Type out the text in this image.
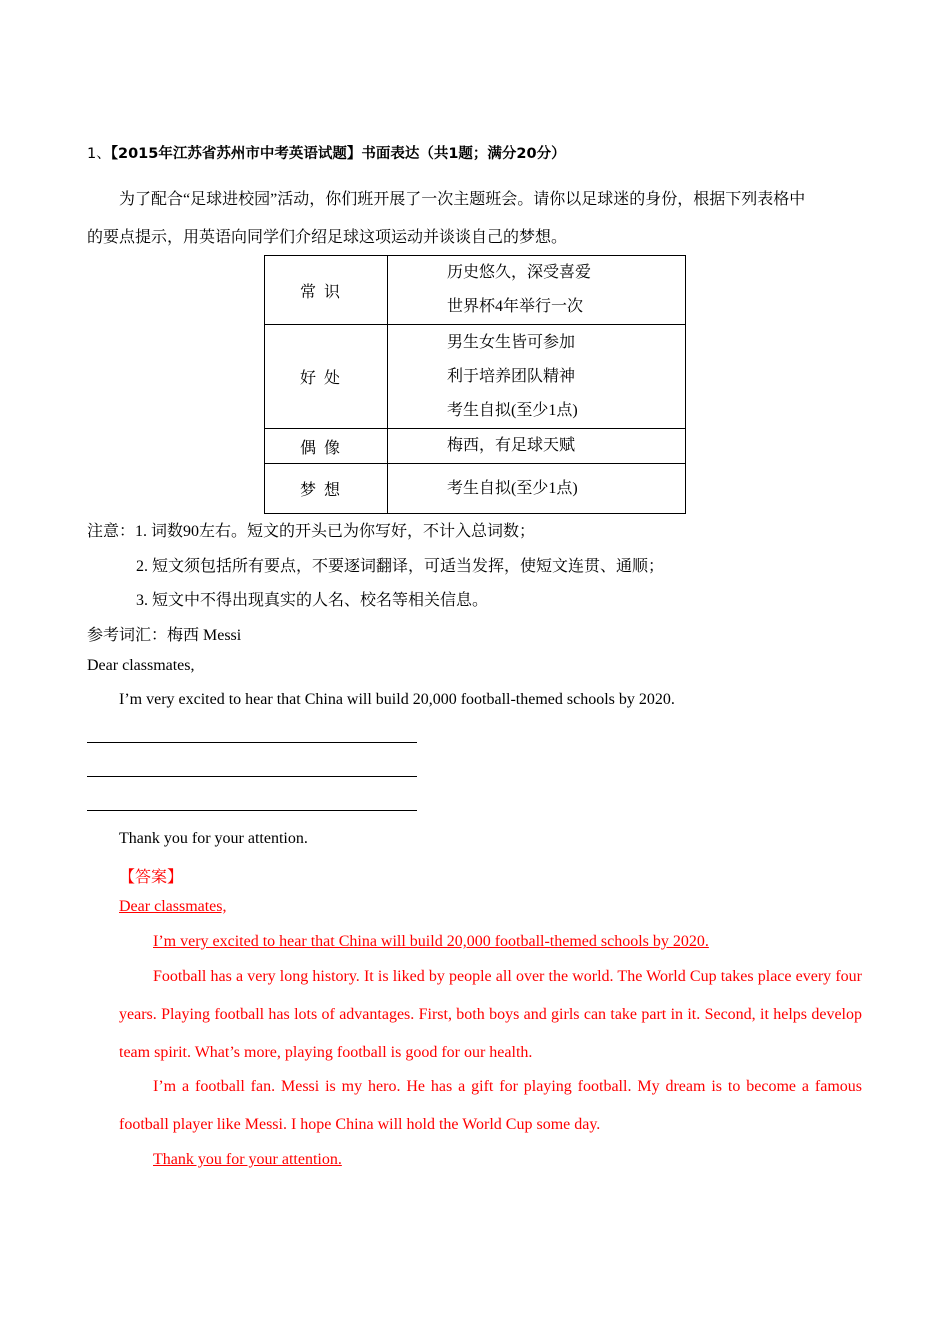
1、【2015年江苏省苏州市中考英语试题】书面表达（共1题；满分20分）
为了配合“足球进校园”活动，你们班开展了一次主题班会。请你以足球迷的身份，根据下列表格中
的要点提示，用英语向同学们介绍足球这项运动并谈谈自己的梦想。
常识	历史悠久，深受喜爱
世界杯4年举行一次

好处	男生女生皆可参加
利于培养团队精神
考生自拟(至少1点)

偶像	梅西，有足球天赋

梦想	考生自拟(至少1点)
注意：1. 词数90左右。短文的开头已为你写好，不计入总词数；
2. 短文须包括所有要点，不要逐词翻译，可适当发挥，使短文连贯、通顺；
3. 短文中不得出现真实的人名、校名等相关信息。
参考词汇：梅西 Messi
Dear classmates,
I’m very excited to hear that China will build 20,000 football-themed schools by 2020.
Thank you for your attention.
【答案】
Dear classmates,
I’m very excited to hear that China will build 20,000 football-themed schools by 2020.
Football has a very long history. It is liked by people all over the world. The World Cup takes place every four years. Playing football has lots of advantages. First, both boys and girls can take part in it. Second, it helps develop team spirit. What’s more, playing football is good for our health.
I’m a football fan. Messi is my hero. He has a gift for playing football. My dream is to become a famous football player like Messi. I hope China will hold the World Cup some day.
Thank you for your attention.
